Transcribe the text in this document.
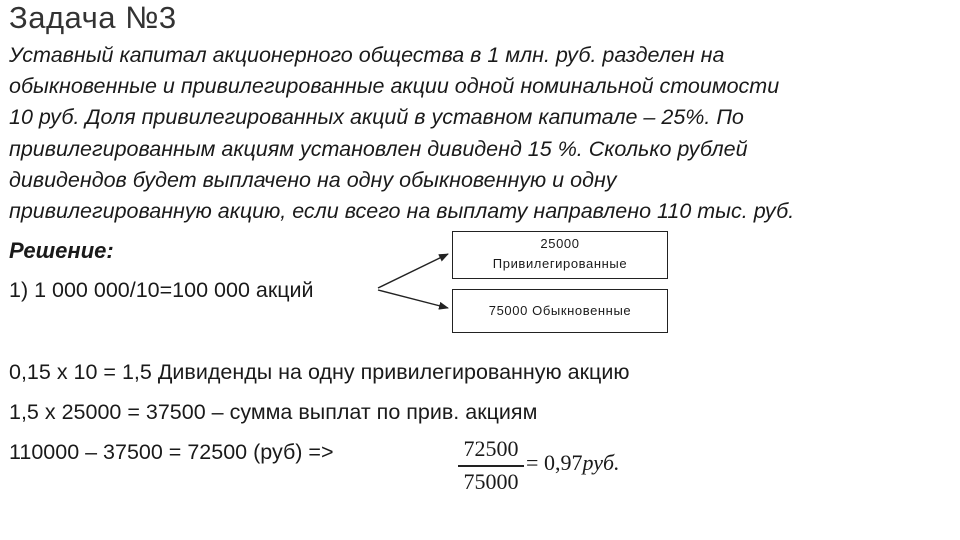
Задача №3
Уставный капитал акционерного общества в 1 млн. руб. разделен на
обыкновенные и привилегированные акции одной номинальной стоимости
10 руб. Доля привилегированных акций в уставном капитале – 25%. По
привилегированным акциям установлен дивиденд 15 %. Сколько рублей
дивидендов будет выплачено на одну обыкновенную и одну
привилегированную акцию, если всего на выплату направлено 110 тыс. руб.
Решение:
1) 1 000 000/10=100 000 акций
25000
Привилегированные
75000 Обыкновенные
0,15 х 10 = 1,5 Дивиденды на одну привилегированную акцию
1,5 х 25000 = 37500 – сумма выплат по прив. акциям
110000 – 37500 = 72500 (руб) =>	72500
75000
= 0,97руб.
